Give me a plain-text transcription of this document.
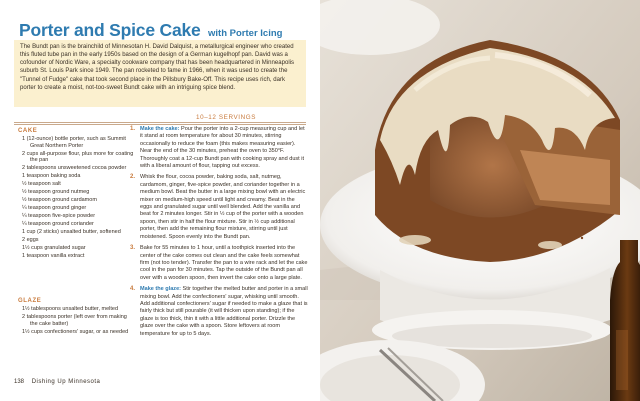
Porter and Spice Cake with Porter Icing

The Bundt pan is the brainchild of Minnesotan H. David Dalquist, a metallurgical engineer who created this fluted tube pan in the early 1950s based on the design of a German kugelhopf pan. David was a cofounder of Nordic Ware, a specialty cookware company that has been headquartered in Minneapolis suburb St. Louis Park since 1949. The pan rocketed to fame in 1966, when it was used to create the "Tunnel of Fudge" cake that took second place in the Pillsbury Bake-Off. This recipe uses rich, dark porter to create a moist, not-too-sweet Bundt cake with an intriguing spice blend.

10–12 SERVINGS
CAKE
1 (12-ounce) bottle porter, such as Summit Great Northern Porter
2 cups all-purpose flour, plus more for coating the pan
2 tablespoons unsweetened cocoa powder
1 teaspoon baking soda
½ teaspoon salt
½ teaspoon ground nutmeg
½ teaspoon ground cardamom
¼ teaspoon ground ginger
¼ teaspoon five-spice powder
¼ teaspoon ground coriander
1 cup (2 sticks) unsalted butter, softened
2 eggs
1½ cups granulated sugar
1 teaspoon vanilla extract
GLAZE
1½ tablespoons unsalted butter, melted
2 tablespoons porter (left over from making the cake batter)
1½ cups confectioners' sugar, or as needed
1. Make the cake: Pour the porter into a 2-cup measuring cup and let it stand at room temperature for about 30 minutes, stirring occasionally to reduce the foam (this makes measuring easier). Near the end of the 30 minutes, preheat the oven to 350°F. Thoroughly coat a 12-cup Bundt pan with cooking spray and dust it with a liberal amount of flour, tapping out excess.
2. Whisk the flour, cocoa powder, baking soda, salt, nutmeg, cardamom, ginger, five-spice powder, and coriander together in a medium bowl. Beat the butter in a large mixing bowl with an electric mixer on medium-high speed until light and creamy. Beat in the eggs and granulated sugar until well blended. Add the vanilla and beat for 2 minutes longer. Stir in ½ cup of the porter with a wooden spoon, then stir in half the flour mixture. Stir in ½ cup additional porter, then add the remaining flour mixture, stirring until just moistened. Spoon evenly into the Bundt pan.
3. Bake for 55 minutes to 1 hour, until a toothpick inserted into the center of the cake comes out clean and the cake feels somewhat firm (not too tender). Transfer the pan to a wire rack and let the cake cool in the pan for 30 minutes. Tap the outside of the Bundt pan all over with a wooden spoon, then invert the cake onto a large plate.
4. Make the glaze: Stir together the melted butter and porter in a small mixing bowl. Add the confectioners' sugar, whisking until smooth. Add additional confectioners' sugar if needed to make a glaze that is fairly thick but still pourable (it will thicken upon standing); if the glaze is too thick, thin it with a little additional porter. Drizzle the glaze over the cake with a spoon. Store leftovers at room temperature for up to 5 days.
138 Dishing Up Minnesota
